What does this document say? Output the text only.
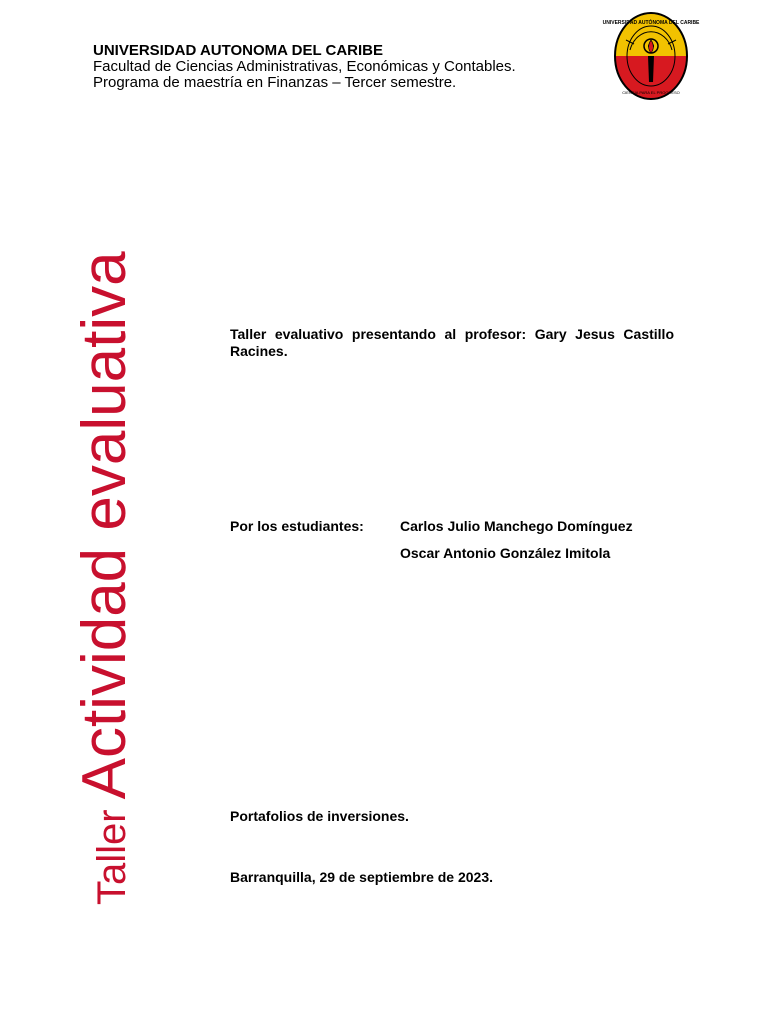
UNIVERSIDAD AUTONOMA DEL CARIBE
Facultad de Ciencias Administrativas, Económicas y Contables.
Programa de maestría en Finanzas – Tercer semestre.
UNIVERSIDAD AUTÓNOMA DEL CARIBE
CIENCIA PARA EL PROGRESO
TallerActividad evaluativa	Taller evaluativo presentando al profesor: Gary Jesus Castillo Racines.
Por los estudiantes:	Carlos Julio Manchego Domínguez
Oscar Antonio González Imitola
Portafolios de inversiones.
Barranquilla, 29 de septiembre de 2023.
